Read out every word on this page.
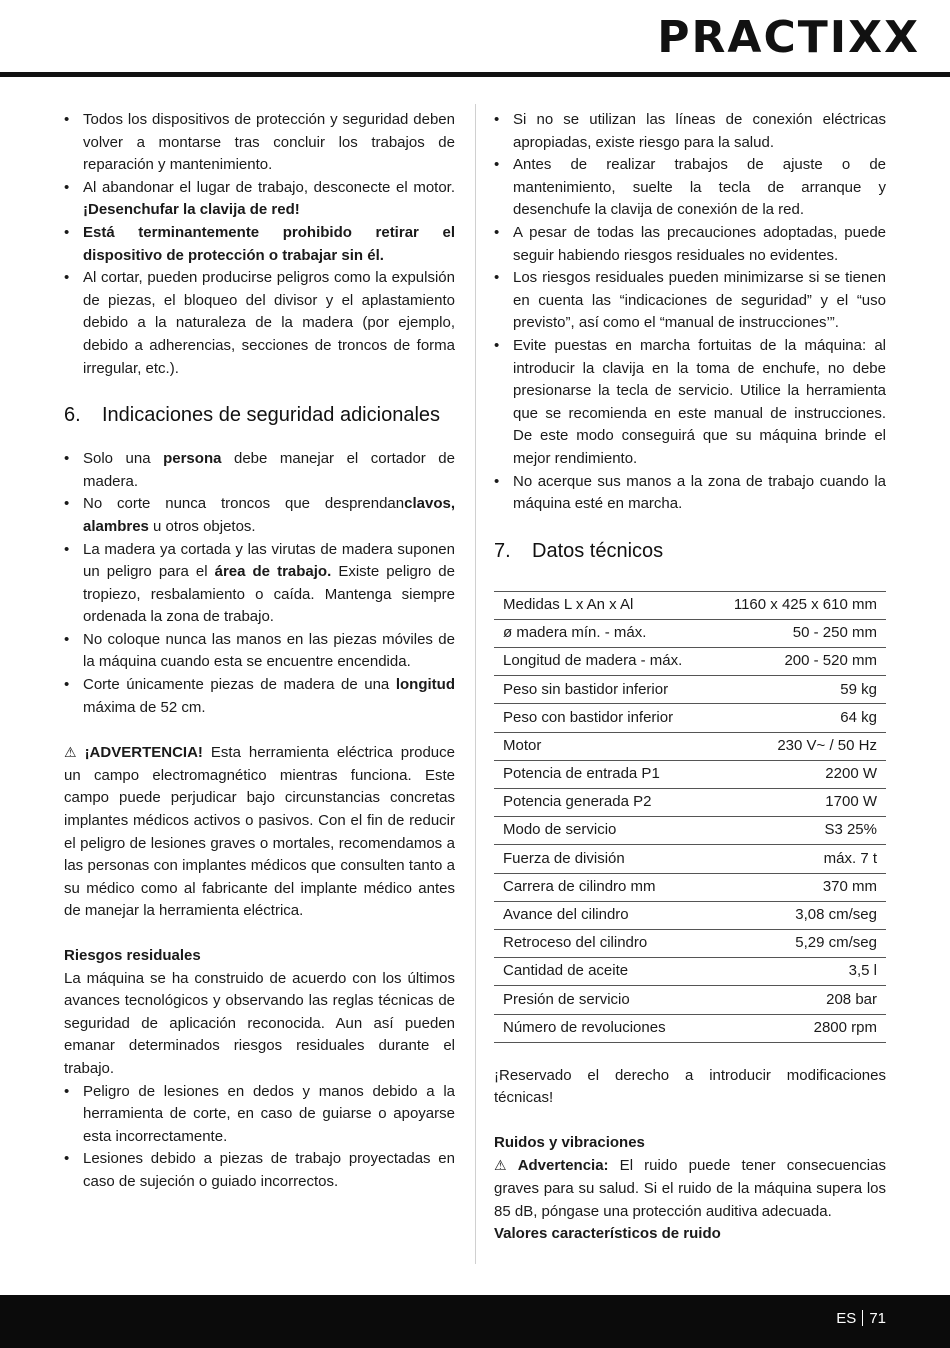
PRACTIXX
• Todos los dispositivos de protección y seguridad deben volver a montarse tras concluir los trabajos de reparación y mantenimiento.
• Al abandonar el lugar de trabajo, desconecte el motor. ¡Desenchufar la clavija de red!
• Está terminantemente prohibido retirar el dispositivo de protección o trabajar sin él.
• Al cortar, pueden producirse peligros como la expulsión de piezas, el bloqueo del divisor y el aplastamiento debido a la naturaleza de la madera (por ejemplo, debido a adherencias, secciones de troncos de forma irregular, etc.).
6.	Indicaciones de seguridad adicionales
• Solo una persona debe manejar el cortador de madera.
• No corte nunca troncos que desprendanclavos, alambres u otros objetos.
• La madera ya cortada y las virutas de madera suponen un peligro para el área de trabajo. Existe peligro de tropiezo, resbalamiento o caída. Mantenga siempre ordenada la zona de trabajo.
• No coloque nunca las manos en las piezas móviles de la máquina cuando esta se encuentre encendida.
• Corte únicamente piezas de madera de una longitud máxima de 52 cm.

⚠ ¡ADVERTENCIA! Esta herramienta eléctrica produce un campo electromagnético mientras funciona. Este campo puede perjudicar bajo circunstancias concretas implantes médicos activos o pasivos. Con el fin de reducir el peligro de lesiones graves o mortales, recomendamos a las personas con implantes médicos que consulten tanto a su médico como al fabricante del implante médico antes de manejar la herramienta eléctrica.

Riesgos residuales

La máquina se ha construido de acuerdo con los últimos avances tecnológicos y observando las reglas técnicas de seguridad de aplicación reconocida. Aun así pueden emanar determinados riesgos residuales durante el trabajo.

• Peligro de lesiones en dedos y manos debido a la herramienta de corte, en caso de guiarse o apoyarse esta incorrectamente.
• Lesiones debido a piezas de trabajo proyectadas en caso de sujeción o guiado incorrectos.
• Si no se utilizan las líneas de conexión eléctricas apropiadas, existe riesgo para la salud.
• Antes de realizar trabajos de ajuste o de mantenimiento, suelte la tecla de arranque y desenchufe la clavija de conexión de la red.
• A pesar de todas las precauciones adoptadas, puede seguir habiendo riesgos residuales no evidentes.
• Los riesgos residuales pueden minimizarse si se tienen en cuenta las “indicaciones de seguridad” y el “uso previsto”, así como el “manual de instrucciones’”.
• Evite puestas en marcha fortuitas de la máquina: al introducir la clavija en la toma de enchufe, no debe presionarse la tecla de servicio. Utilice la herramienta que se recomienda en este manual de instrucciones. De este modo conseguirá que su máquina brinde el mejor rendimiento.
• No acerque sus manos a la zona de trabajo cuando la máquina esté en marcha.
7.	Datos técnicos
Medidas L x An x Al	1160 x 425 x 610 mm
ø madera mín. - máx.	50 - 250 mm
Longitud de madera - máx.	200 - 520 mm
Peso sin bastidor inferior	59 kg
Peso con bastidor inferior	64 kg
Motor	230 V~ / 50 Hz
Potencia de entrada P1	2200 W
Potencia generada P2	1700 W
Modo de servicio	S3 25%
Fuerza de división	máx. 7 t
Carrera de cilindro mm	370 mm
Avance del cilindro	3,08 cm/seg
Retroceso del cilindro	5,29 cm/seg
Cantidad de aceite	3,5 l
Presión de servicio	208 bar
Número de revoluciones	2800 rpm

¡Reservado el derecho a introducir modificaciones técnicas!

Ruidos y vibraciones

⚠ Advertencia: El ruido puede tener consecuencias graves para su salud. Si el ruido de la máquina supera los 85 dB, póngase una protección auditiva adecuada.

Valores característicos de ruido

ES 71
